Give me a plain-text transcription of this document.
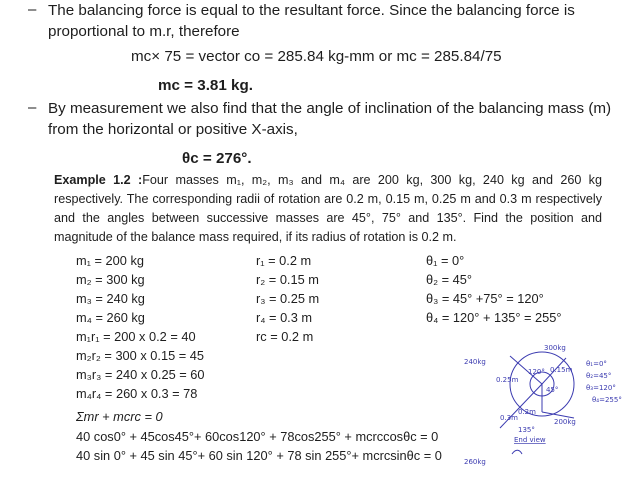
– The balancing force is equal to the resultant force. Since the balancing force is
proportional to m.r, therefore
mc× 75 = vector co = 285.84 kg-mm or mc = 285.84/75
mc = 3.81 kg.
– By measurement we also find that the angle of inclination of the balancing mass (m)
from the horizontal or positive X-axis,
θc = 276°.
Example 1.2 :Four masses m₁, m₂, m₃ and m₄ are 200 kg, 300 kg, 240 kg and 260 kg respectively. The corresponding radii of rotation are 0.2 m, 0.15 m, 0.25 m and 0.3 m respectively and the angles between successive masses are 45°, 75° and 135°. Find the position and magnitude of the balance mass required, if its radius of rotation is 0.2 m.
m₁ = 200 kg
m₂ = 300 kg
m₃ = 240 kg
m₄ = 260 kg
r₁ = 0.2 m
r₂ = 0.15 m
r₃ = 0.25 m
r₄ = 0.3 m
rc = 0.2 m
θ₁ = 0°
θ₂ = 45°
θ₃ = 45° +75° = 120°
θ₄ = 120° + 135° = 255°
m₁r₁ = 200 x 0.2 = 40
m₂r₂ = 300 x 0.15 = 45
m₃r₃ = 240 x 0.25 = 60
m₄r₄ = 260 x 0.3 = 78
Σmr + mcrc = 0
40 cos0° + 45cos45°+ 60cos120° + 78cos255° + mcrccosθc = 0
40 sin 0° + 45 sin 45°+ 60 sin 120° + 78 sin 255°+ mcrcsinθc = 0
240kg
300kg
260kg
200kg
0.2m
0.25m
0.3m
0.15m
120°
45°
135°
End view
θ₁=0°
θ₂=45°
θ₃=120°
θ₄=255°
